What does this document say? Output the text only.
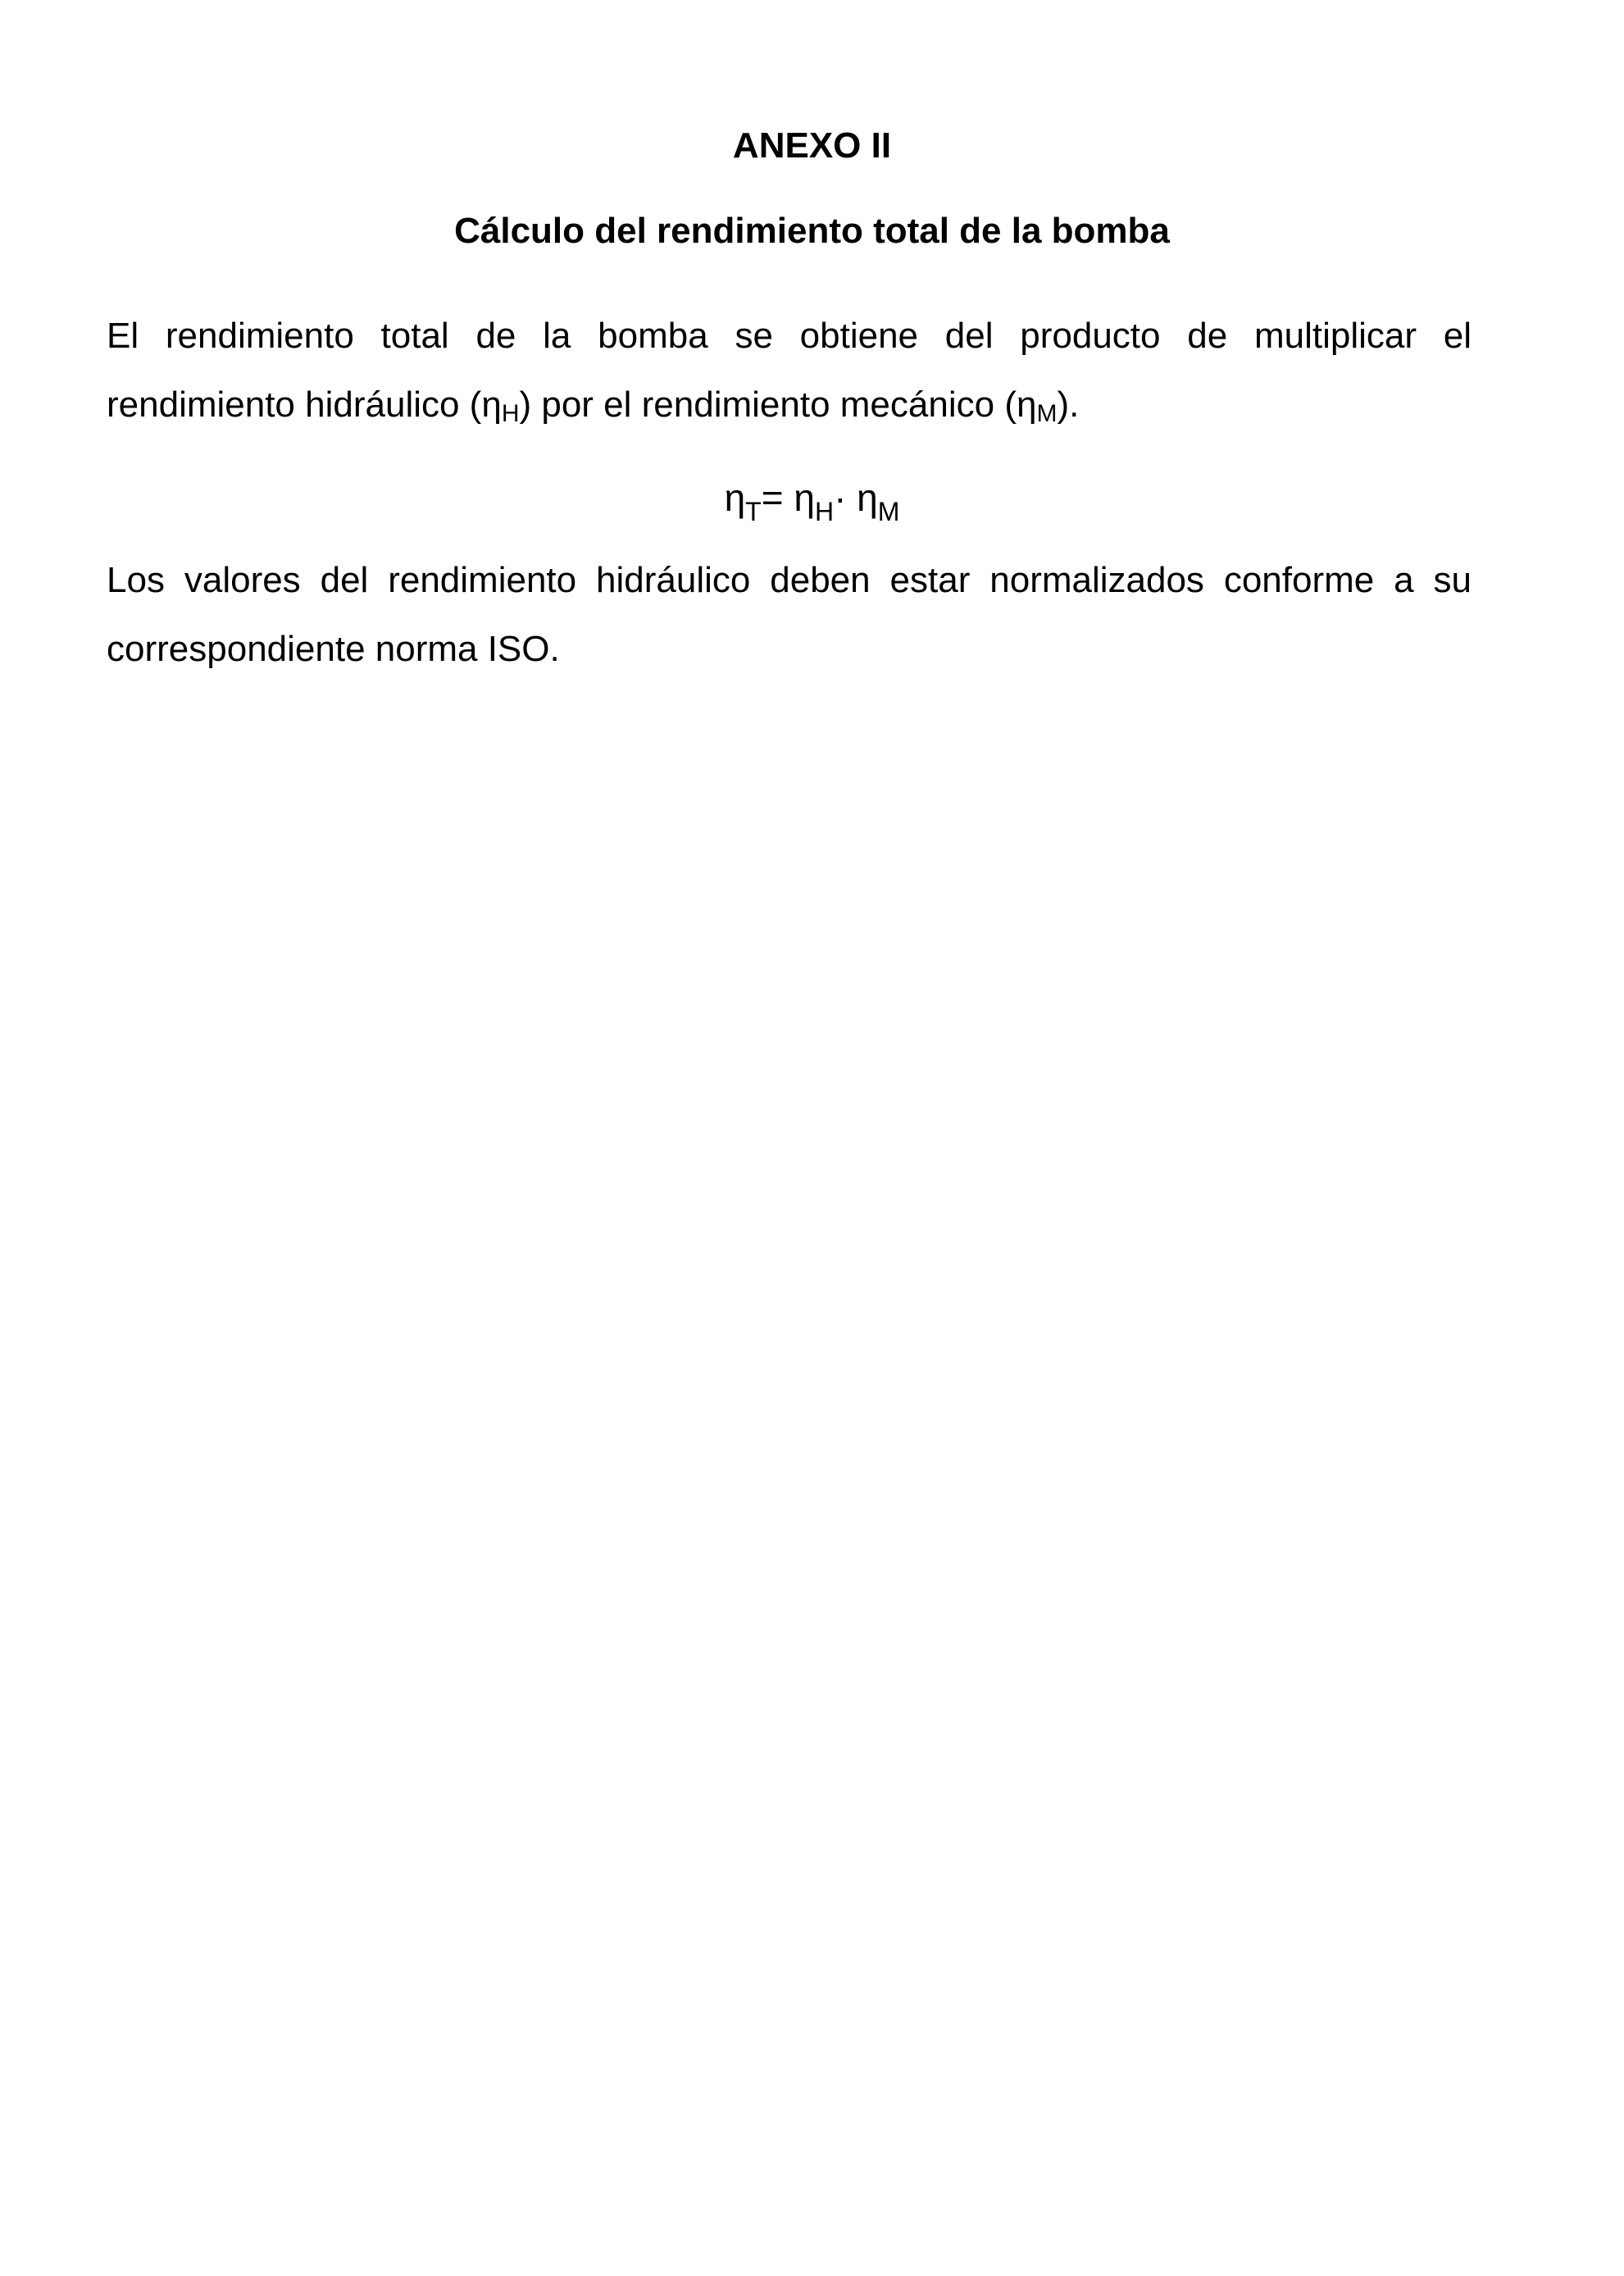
ANEXO II
Cálculo del rendimiento total de la bomba

El rendimiento total de la bomba se obtiene del producto de multiplicar el
rendimiento hidráulico $(\eta_H)$ por el rendimiento mecánico $(\eta_M)$.

$\eta_T= \eta_H\cdot \eta_M$

Los valores del rendimiento hidráulico deben estar normalizados conforme a su
correspondiente norma ISO.
